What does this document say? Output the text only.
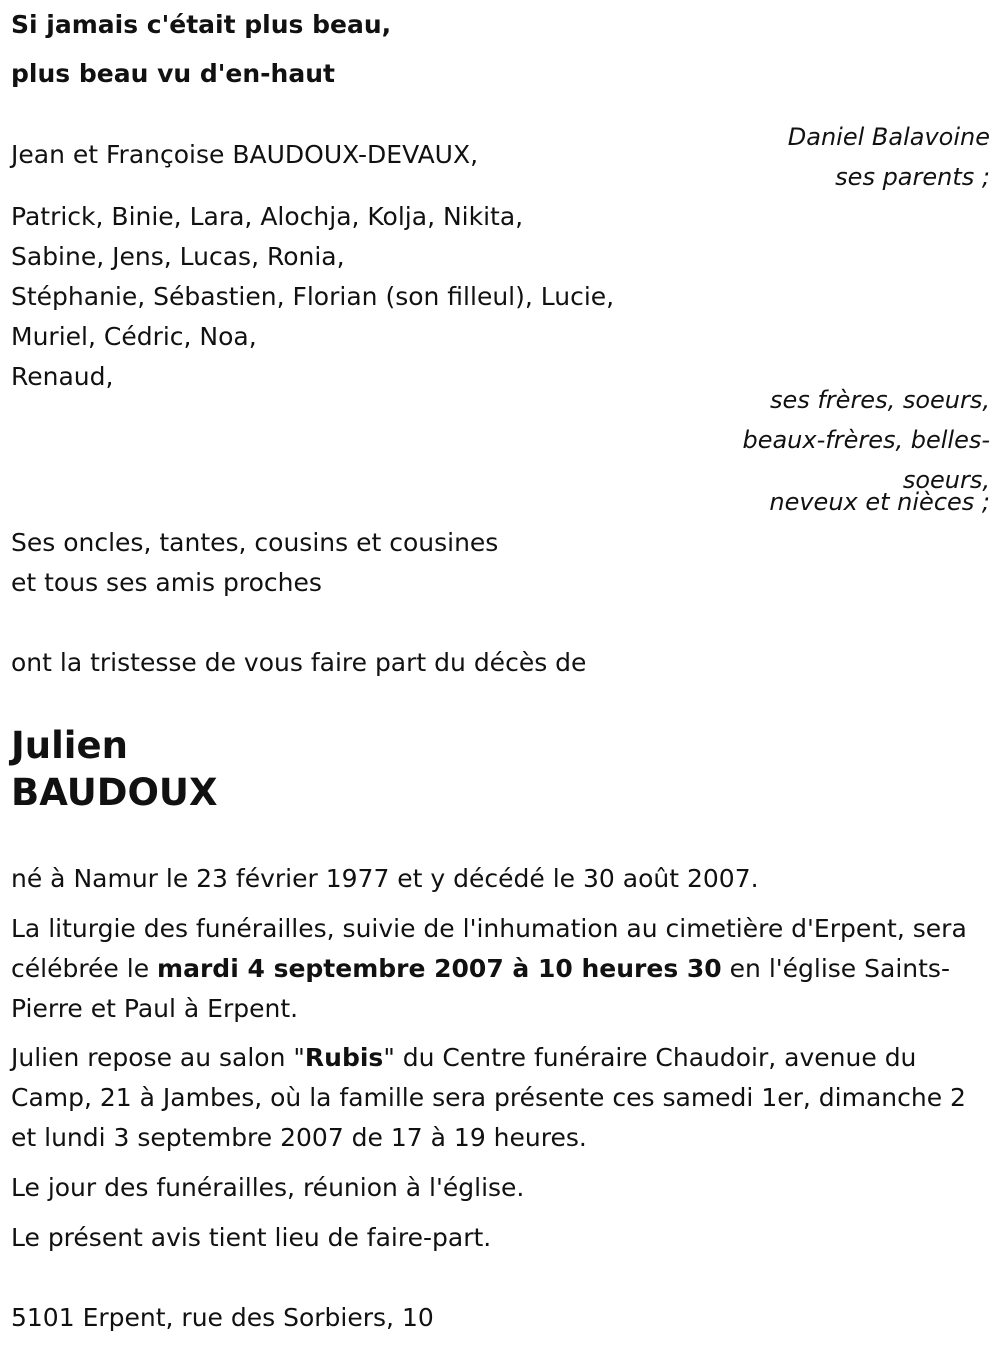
Si jamais c'était plus beau,
plus beau vu d'en-haut
Daniel Balavoine
Jean et Françoise BAUDOUX-DEVAUX,
ses parents ;
Patrick, Binie, Lara, Alochja, Kolja, Nikita,
Sabine, Jens, Lucas, Ronia,
Stéphanie, Sébastien, Florian (son filleul), Lucie,
Muriel, Cédric, Noa,
Renaud,
ses frères, soeurs,
beaux-frères, belles-
soeurs,
neveux et nièces ;
Ses oncles, tantes, cousins et cousines
et tous ses amis proches
ont la tristesse de vous faire part du décès de
Julien
BAUDOUX
né à Namur le 23 février 1977 et y décédé le 30 août 2007.
La liturgie des funérailles, suivie de l'inhumation au cimetière d'Erpent, sera célébrée le mardi 4 septembre 2007 à 10 heures 30 en l'église Saints-Pierre et Paul à Erpent.
Julien repose au salon "Rubis" du Centre funéraire Chaudoir, avenue du Camp, 21 à Jambes, où la famille sera présente ces samedi 1er, dimanche 2 et lundi 3 septembre 2007 de 17 à 19 heures.
Le jour des funérailles, réunion à l'église.
Le présent avis tient lieu de faire-part.
5101 Erpent, rue des Sorbiers, 10
